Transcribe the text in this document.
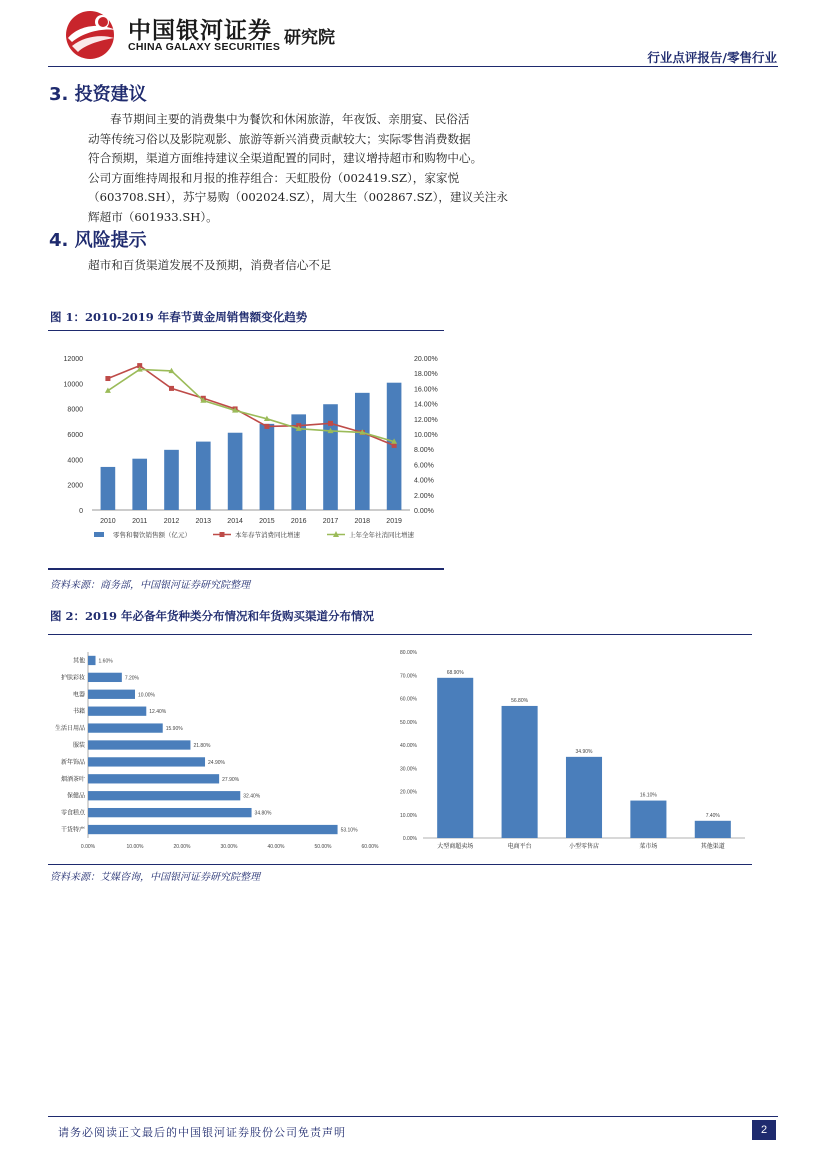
中国银河证券
CHINA GALAXY SECURITIES 研究院
行业点评报告/零售行业
3. 投资建议
春节期间主要的消费集中为餐饮和休闲旅游，年夜饭、亲朋宴、民俗活
动等传统习俗以及影院观影、旅游等新兴消费贡献较大；实际零售消费数据
符合预期，渠道方面维持建议全渠道配置的同时，建议增持超市和购物中心。
公司方面维持周报和月报的推荐组合：天虹股份（002419.SZ），家家悦
（603708.SH），苏宁易购（002024.SZ），周大生（002867.SZ），建议关注永
辉超市（601933.SH）。
4. 风险提示
超市和百货渠道发展不及预期，消费者信心不足
图 1：2010-2019 年春节黄金周销售额变化趋势
0
2000
4000
6000
8000
10000
12000
0.00%
2.00%
4.00%
6.00%
8.00%
10.00%
12.00%
14.00%
16.00%
18.00%
20.00%
2010 2011 2012 2013 2014 2015 2016 2017 2018 2019
零售和餐饮销售额（亿元）	本年春节消费同比增速	上年全年社消同比增速
资料来源：商务部，中国银河证券研究院整理
图 2：2019 年必备年货种类分布情况和年货购买渠道分布情况
0.00%	10.00%	20.00%	30.00%	40.00%	50.00%	60.00%
其他	1.60%
护肤彩妆	7.20%
电器	10.00%
书籍	12.40%
生活日用品	15.90%
服装	21.80%
新年饰品	24.90%
烟酒茶叶	27.90%
保健品	32.40%
零食糕点	34.80%
干货特产	53.10%
0.00%
10.00%
20.00%
30.00%
40.00%
50.00%
60.00%
70.00%
80.00%
68.90%
大型商超卖场
56.80%
电商平台
34.90%
小型零售店
16.10%
菜市场
7.40%
其他渠道
资料来源：艾媒咨询，中国银河证券研究院整理
请务必阅读正文最后的中国银河证券股份公司免责声明	2
